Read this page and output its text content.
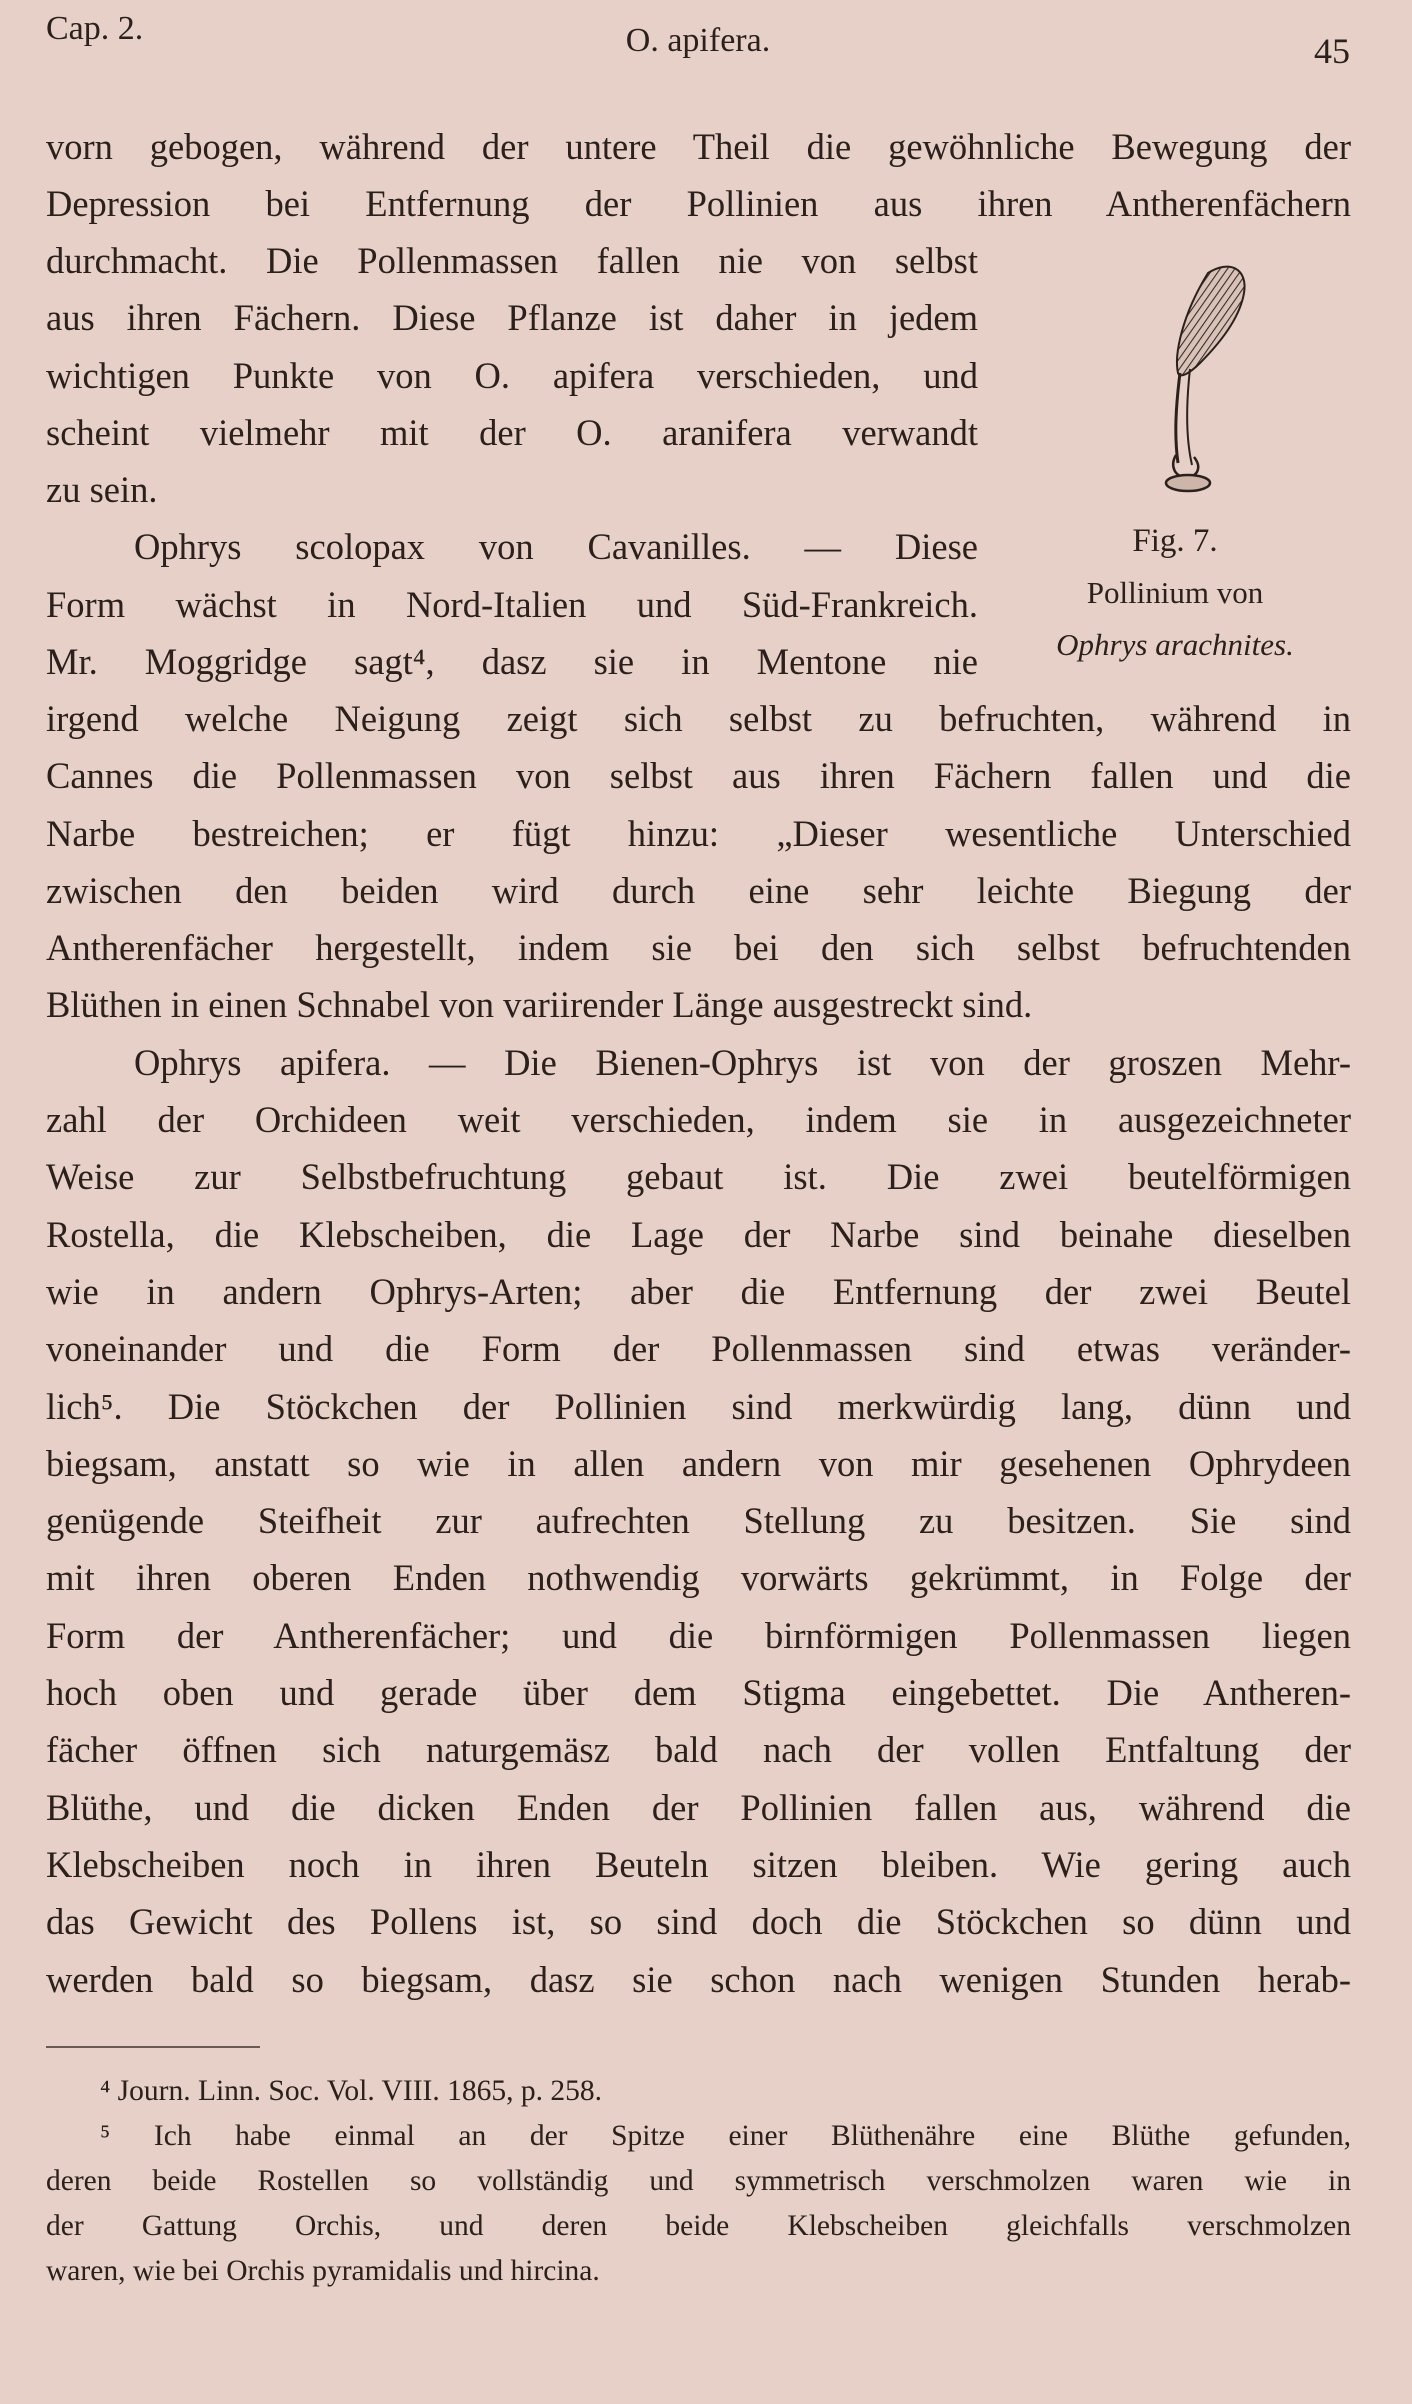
Cap. 2.	O. apifera.	45
vorn gebogen, während der untere Theil die gewöhnliche Bewegung der
Depression bei Entfernung der Pollinien aus ihren Antherenfächern
durchmacht. Die Pollenmassen fallen nie von selbst
aus ihren Fächern. Diese Pflanze ist daher in jedem
wichtigen Punkte von O. apifera verschieden, und
scheint vielmehr mit der O. aranifera verwandt
zu sein.
Ophrys scolopax von Cavanilles. — Diese
Form wächst in Nord-Italien und Süd-Frankreich.
Mr. Moggridge sagt⁴, dasz sie in Mentone nie
Fig. 7.
Pollinium von
Ophrys arachnites.
irgend welche Neigung zeigt sich selbst zu befruchten, während in
Cannes die Pollenmassen von selbst aus ihren Fächern fallen und die
Narbe bestreichen; er fügt hinzu: „Dieser wesentliche Unterschied
zwischen den beiden wird durch eine sehr leichte Biegung der
Antherenfächer hergestellt, indem sie bei den sich selbst befruchtenden
Blüthen in einen Schnabel von variirender Länge ausgestreckt sind.
Ophrys apifera. — Die Bienen-Ophrys ist von der groszen Mehr-
zahl der Orchideen weit verschieden, indem sie in ausgezeichneter
Weise zur Selbstbefruchtung gebaut ist. Die zwei beutelförmigen
Rostella, die Klebscheiben, die Lage der Narbe sind beinahe dieselben
wie in andern Ophrys-Arten; aber die Entfernung der zwei Beutel
voneinander und die Form der Pollenmassen sind etwas veränder-
lich⁵. Die Stöckchen der Pollinien sind merkwürdig lang, dünn und
biegsam, anstatt so wie in allen andern von mir gesehenen Ophrydeen
genügende Steifheit zur aufrechten Stellung zu besitzen. Sie sind
mit ihren oberen Enden nothwendig vorwärts gekrümmt, in Folge der
Form der Antherenfächer; und die birnförmigen Pollenmassen liegen
hoch oben und gerade über dem Stigma eingebettet. Die Antheren-
fächer öffnen sich naturgemäsz bald nach der vollen Entfaltung der
Blüthe, und die dicken Enden der Pollinien fallen aus, während die
Klebscheiben noch in ihren Beuteln sitzen bleiben. Wie gering auch
das Gewicht des Pollens ist, so sind doch die Stöckchen so dünn und
werden bald so biegsam, dasz sie schon nach wenigen Stunden herab-
⁴ Journ. Linn. Soc. Vol. VIII. 1865, p. 258.
⁵ Ich habe einmal an der Spitze einer Blüthenähre eine Blüthe gefunden,
deren beide Rostellen so vollständig und symmetrisch verschmolzen waren wie in
der Gattung Orchis, und deren beide Klebscheiben gleichfalls verschmolzen
waren, wie bei Orchis pyramidalis und hircina.
